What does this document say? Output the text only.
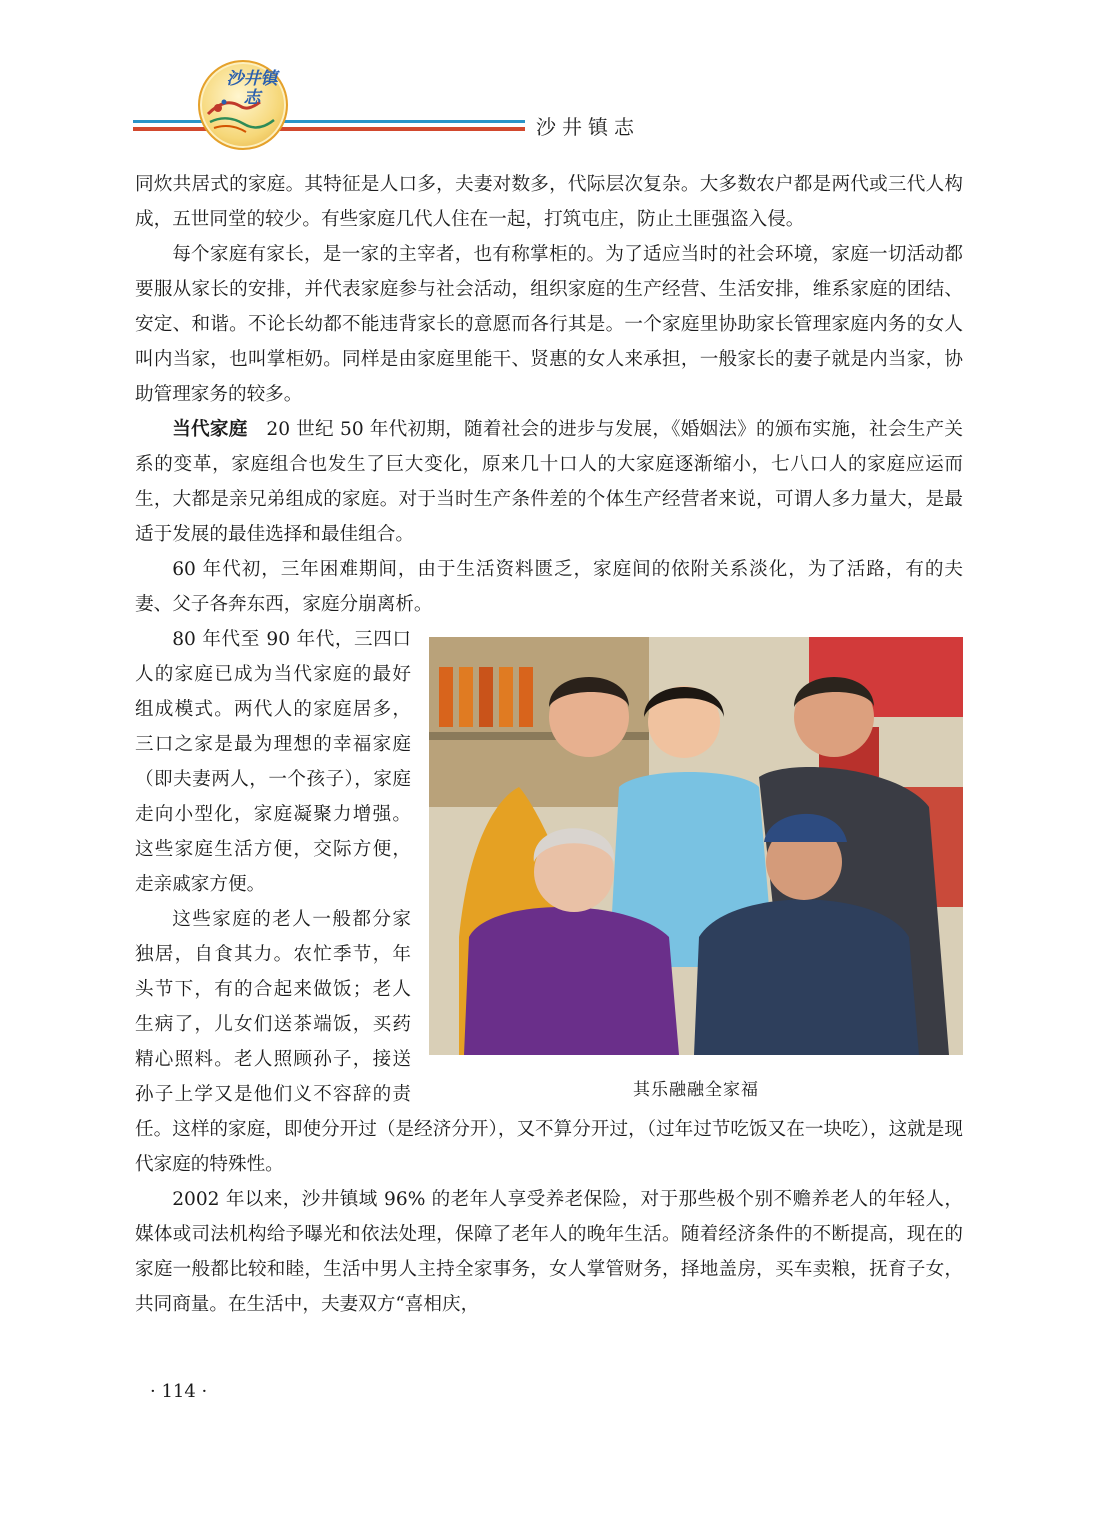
沙井镇志
沙井镇志

同炊共居式的家庭。其特征是人口多，夫妻对数多，代际层次复杂。大多数农户都是两代或三代人构成，五世同堂的较少。有些家庭几代人住在一起，打筑屯庄，防止土匪强盗入侵。

每个家庭有家长，是一家的主宰者，也有称掌柜的。为了适应当时的社会环境，家庭一切活动都要服从家长的安排，并代表家庭参与社会活动，组织家庭的生产经营、生活安排，维系家庭的团结、安定、和谐。不论长幼都不能违背家长的意愿而各行其是。一个家庭里协助家长管理家庭内务的女人叫内当家，也叫掌柜奶。同样是由家庭里能干、贤惠的女人来承担，一般家长的妻子就是内当家，协助管理家务的较多。

当代家庭　20 世纪 50 年代初期，随着社会的进步与发展，《婚姻法》的颁布实施，社会生产关系的变革，家庭组合也发生了巨大变化，原来几十口人的大家庭逐渐缩小，七八口人的家庭应运而生，大都是亲兄弟组成的家庭。对于当时生产条件差的个体生产经营者来说，可谓人多力量大，是最适于发展的最佳选择和最佳组合。

60 年代初，三年困难期间，由于生活资料匮乏，家庭间的依附关系淡化，为了活路，有的夫妻、父子各奔东西，家庭分崩离析。

其乐融融全家福

80 年代至 90 年代，三四口人的家庭已成为当代家庭的最好组成模式。两代人的家庭居多，三口之家是最为理想的幸福家庭（即夫妻两人，一个孩子），家庭走向小型化，家庭凝聚力增强。这些家庭生活方便，交际方便，走亲戚家方便。

这些家庭的老人一般都分家独居，自食其力。农忙季节，年头节下，有的合起来做饭；老人生病了，儿女们送茶端饭，买药精心照料。老人照顾孙子，接送孙子上学又是他们义不容辞的责任。这样的家庭，即使分开过（是经济分开），又不算分开过，（过年过节吃饭又在一块吃），这就是现代家庭的特殊性。

2002 年以来，沙井镇域 96% 的老年人享受养老保险，对于那些极个别不赡养老人的年轻人，媒体或司法机构给予曝光和依法处理，保障了老年人的晚年生活。随着经济条件的不断提高，现在的家庭一般都比较和睦，生活中男人主持全家事务，女人掌管财务，择地盖房，买车卖粮，抚育子女，共同商量。在生活中，夫妻双方“喜相庆，

· 114 ·
